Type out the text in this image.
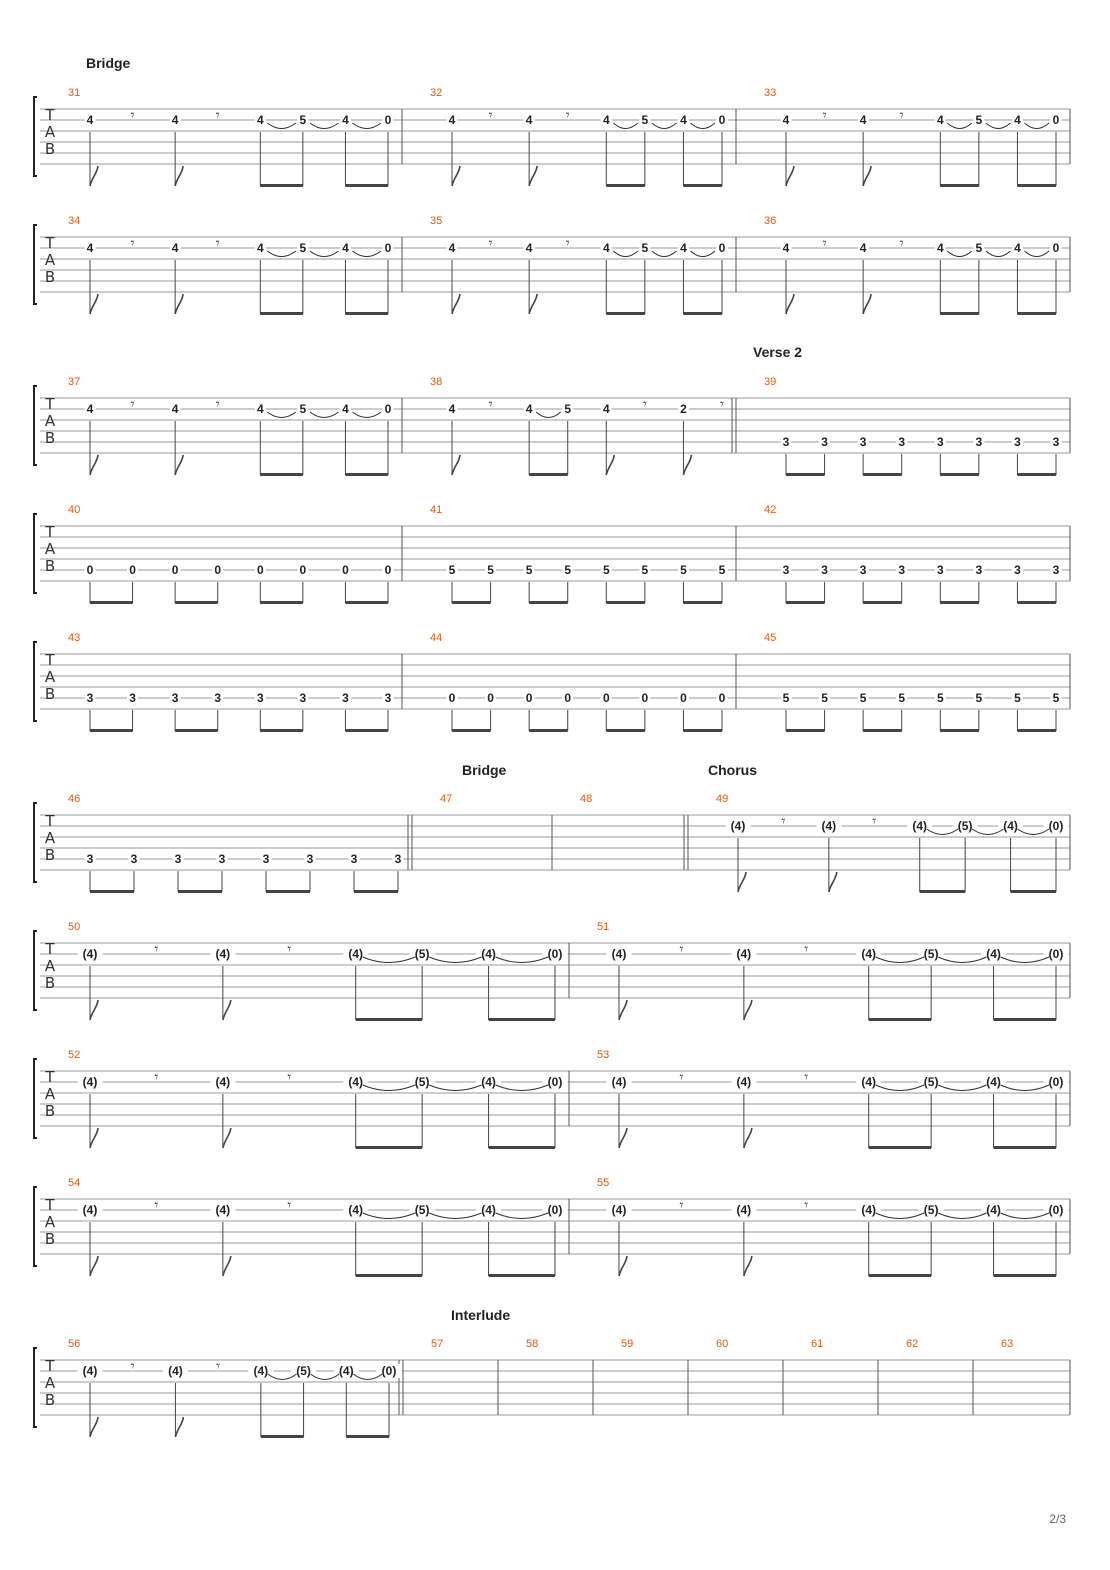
Bridge
Verse 2
Bridge	Chorus
Interlude
2/3
T
A
B
31
4 𝄾	4 𝄾	4	5	4	0
32
4 𝄾	4 𝄾	4	5	4	0
33
4 𝄾	4 𝄾	4	5	4	0
T
A
B
34
4 𝄾	4 𝄾	4	5	4	0
35
4 𝄾	4 𝄾	4	5	4	0
36
4 𝄾	4 𝄾	4	5	4	0
T
A
B
37
4 𝄾	4 𝄾	4	5	4	0
38
4 𝄾	4	5	4 𝄾	2 𝄾
39
3	3	3	3	3	3	3	3
T
A
B
40
0	0	0	0	0	0	0	0
41
5	5	5	5	5	5	5	5
42
3	3	3	3	3	3	3	3
T
A
B
43
3	3	3	3	3	3	3	3
44
0	0	0	0	0	0	0	0
45
5	5	5	5	5	5	5	5
T
A
B
46
3	3	3	3	3	3	3	3
47	48	49
(4) 𝄾	(4) 𝄾	(4)	(5)	(4)	(0)
T
A
B
50
(4)	𝄾	(4)	𝄾	(4)	(5)	(4)	(0)
51
(4)	𝄾	(4)	𝄾	(4)	(5)	(4)	(0)
T
A
B
52
(4)	𝄾	(4)	𝄾	(4)	(5)	(4)	(0)
53
(4)	𝄾	(4)	𝄾	(4)	(5)	(4)	(0)
T
A
B
54
(4)	𝄾	(4)	𝄾	(4)	(5)	(4)	(0)
55
(4)	𝄾	(4)	𝄾	(4)	(5)	(4)	(0)
T
A
B
56
(4) 𝄾	(4) 𝄾	(4) (5) (4) (0)
57	58	59	60	61	62	63
